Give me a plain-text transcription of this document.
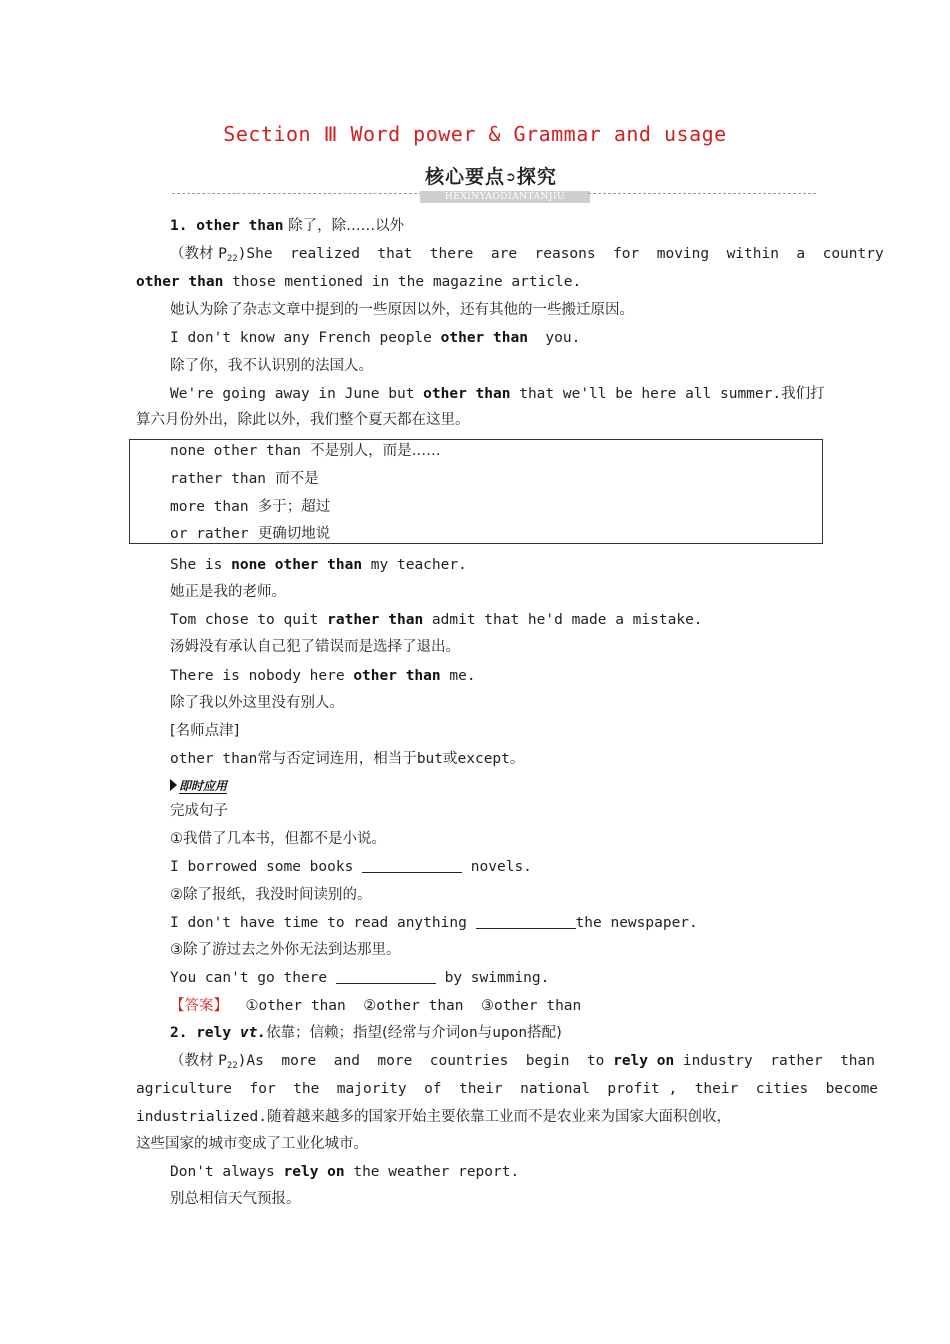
Section Ⅲ Word power & Grammar and usage
核心要点➲探究
HEXINYAODIANTANJIU
1. other than 除了，除……以外
（教材 $P_{22})She$  realized  that  there  are  reasons  for  moving  within  a  country
other than those mentioned in the magazine article.
她认为除了杂志文章中提到的一些原因以外，还有其他的一些搬迁原因。
I don't know any French people other than  you.
除了你，我不认识别的法国人。
We're going away in June but other than that we'll be here all summer.我们打
算六月份外出，除此以外，我们整个夏天都在这里。
none other than  不是别人，而是……
rather than  而不是
more than  多于；超过
or rather  更确切地说
She is none other than my teacher.
她正是我的老师。
Tom chose to quit rather than admit that he'd made a mistake.
汤姆没有承认自己犯了错误而是选择了退出。
There is nobody here other than me.
除了我以外这里没有别人。
[名师点津]
other than常与否定词连用，相当于but或except。
即时应用
完成句子
①我借了几本书，但都不是小说。
I borrowed some books	novels.
②除了报纸，我没时间读别的。
I don't have time to read anything	the newspaper.
③除了游过去之外你无法到达那里。
You can't go there	by swimming.
【答案】  ①other than  ②other than  ③other than
2. rely vt.依靠；信赖；指望(经常与介词on与upon搭配)
（教材 $P_{22})As$  more  and  more  countries  begin  to rely on industry  rather  than
agriculture  for  the  majority  of  their  national  profit ,  their  cities  become
industrialized.随着越来越多的国家开始主要依靠工业而不是农业来为国家大面积创收，
这些国家的城市变成了工业化城市。
Don't always rely on the weather report.
别总相信天气预报。
